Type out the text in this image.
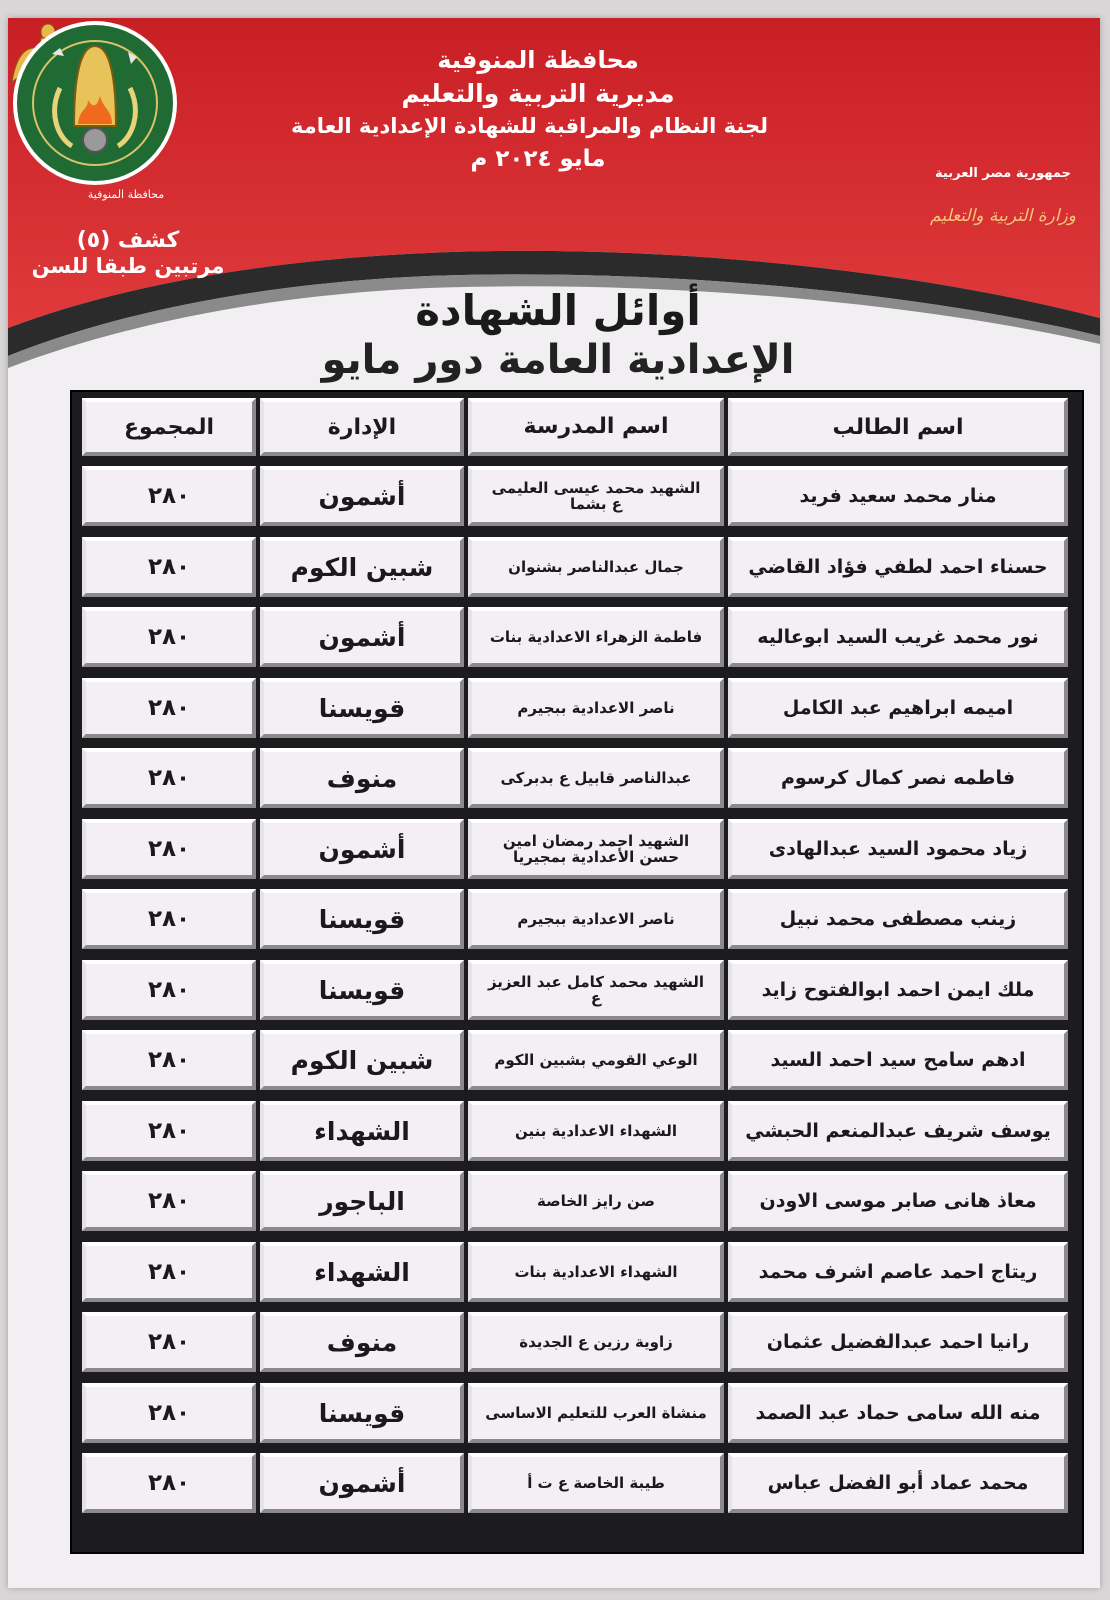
محافظة المنوفية
مديرية التربية والتعليم
لجنة النظام والمراقبة للشهادة الإعدادية العامة
مايو ٢٠٢٤ م
جمهورية مصر العربية
وزارة التربية والتعليم
محافظة المنوفية
كشف (٥)
مرتبين طبقا للسن
أوائل الشهادة
الإعدادية العامة دور مايو
اسم الطالب
اسم المدرسة
الإدارة
المجموع
منار محمد سعيد فريد
الشهيد محمد عيسى العليمى ع بشما
أشمون
٢٨٠
حسناء احمد لطفي فؤاد القاضي
جمال عبدالناصر بشنوان
شبين الكوم
٢٨٠
نور محمد غريب السيد ابوعاليه
فاطمة الزهراء الاعدادية بنات
أشمون
٢٨٠
اميمه ابراهيم عبد الكامل
ناصر الاعدادية ببجيرم
قويسنا
٢٨٠
فاطمه نصر كمال كرسوم
عبدالناصر قابيل ع بدبركى
منوف
٢٨٠
زياد محمود السيد عبدالهادى
الشهيد احمد رمضان امين حسن الأعدادية بمجيريا
أشمون
٢٨٠
زينب مصطفى محمد نبيل
ناصر الاعدادية ببجيرم
قويسنا
٢٨٠
ملك ايمن احمد ابوالفتوح زايد
الشهيد محمد كامل عبد العزيز ع
قويسنا
٢٨٠
ادهم سامح سيد احمد السيد
الوعي القومي بشبين الكوم
شبين الكوم
٢٨٠
يوسف شريف عبدالمنعم الحبشي
الشهداء الاعدادية بنين
الشهداء
٢٨٠
معاذ هانى صابر موسى الاودن
صن رايز الخاصة
الباجور
٢٨٠
ريتاج احمد عاصم اشرف محمد
الشهداء الاعدادية بنات
الشهداء
٢٨٠
رانيا احمد عبدالفضيل عثمان
زاوية رزين ع الجديدة
منوف
٢٨٠
منه الله سامى حماد عبد الصمد
منشاة العرب للتعليم الاساسى
قويسنا
٢٨٠
محمد عماد أبو الفضل عباس
طيبة الخاصة ع ت أ
أشمون
٢٨٠
